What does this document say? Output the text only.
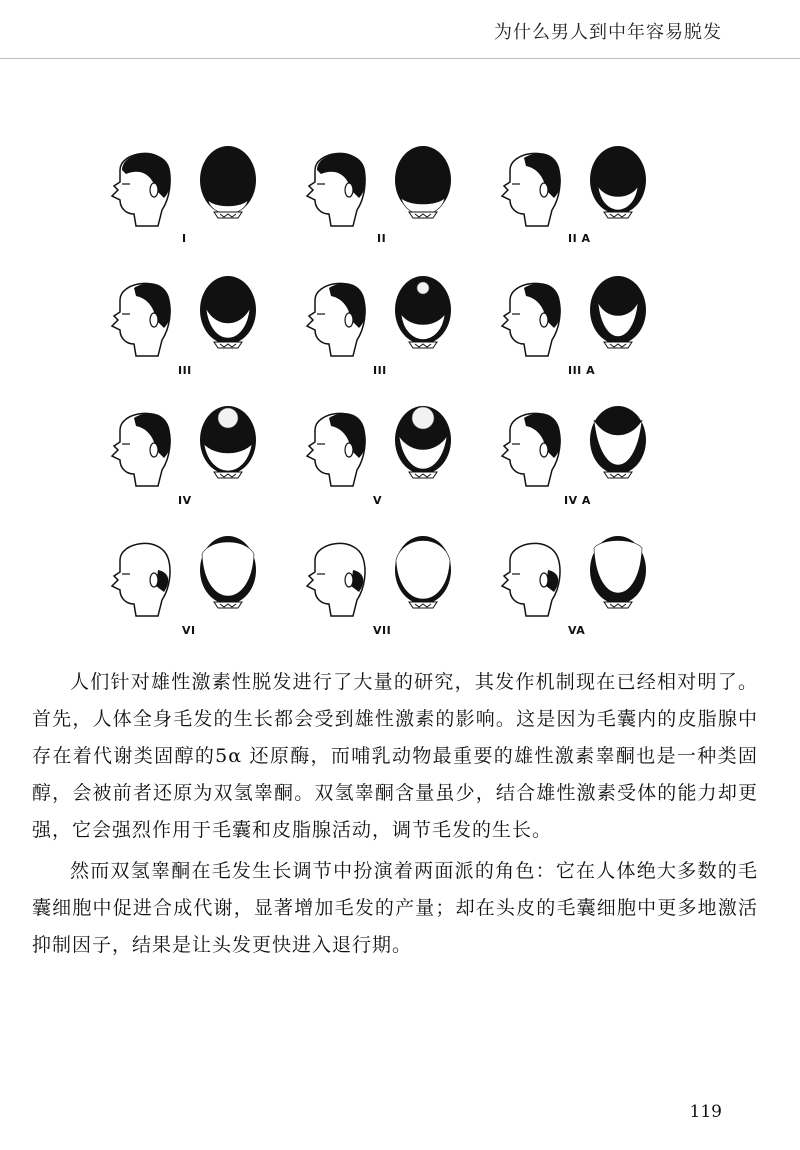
为什么男人到中年容易脱发
I	II	II A
III	III	III A
IV	V	IV A
VI	VII	VA

人们针对雄性激素性脱发进行了大量的研究，其发作机制现在已经相对明了。首先，人体全身毛发的生长都会受到雄性激素的影响。这是因为毛囊内的皮脂腺中存在着代谢类固醇的5α 还原酶，而哺乳动物最重要的雄性激素睾酮也是一种类固醇，会被前者还原为双氢睾酮。双氢睾酮含量虽少，结合雄性激素受体的能力却更强，它会强烈作用于毛囊和皮脂腺活动，调节毛发的生长。

然而双氢睾酮在毛发生长调节中扮演着两面派的角色：它在人体绝大多数的毛囊细胞中促进合成代谢，显著增加毛发的产量；却在头皮的毛囊细胞中更多地激活抑制因子，结果是让头发更快进入退行期。

119
